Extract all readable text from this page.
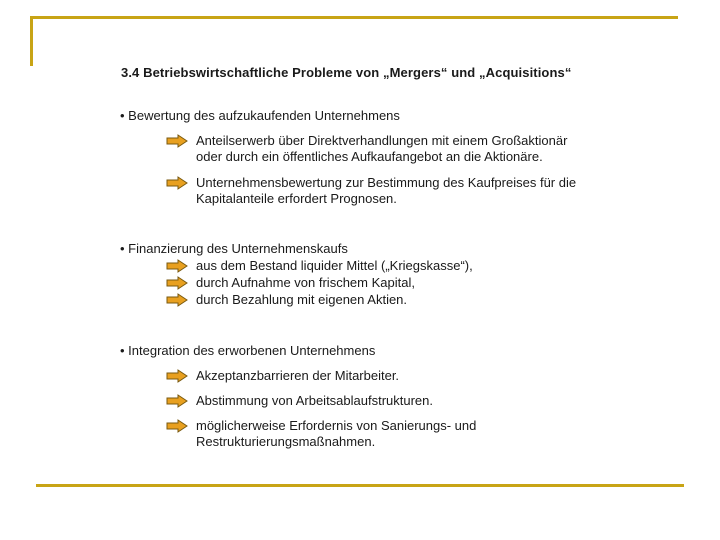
3.4 Betriebswirtschaftliche Probleme von „Mergers“ und „Acquisitions“
• Bewertung des aufzukaufenden Unternehmens
Anteilserwerb über Direktverhandlungen mit einem Großaktionär
oder durch ein öffentliches Aufkaufangebot an die Aktionäre.
Unternehmensbewertung zur Bestimmung des Kaufpreises für die
Kapitalanteile erfordert Prognosen.
• Finanzierung des Unternehmenskaufs
aus dem Bestand liquider Mittel („Kriegskasse“),
durch Aufnahme von frischem Kapital,
durch Bezahlung mit eigenen Aktien.
• Integration des erworbenen Unternehmens
Akzeptanzbarrieren der Mitarbeiter.
Abstimmung von Arbeitsablaufstrukturen.
möglicherweise Erfordernis von Sanierungs- und
Restrukturierungsmaßnahmen.
